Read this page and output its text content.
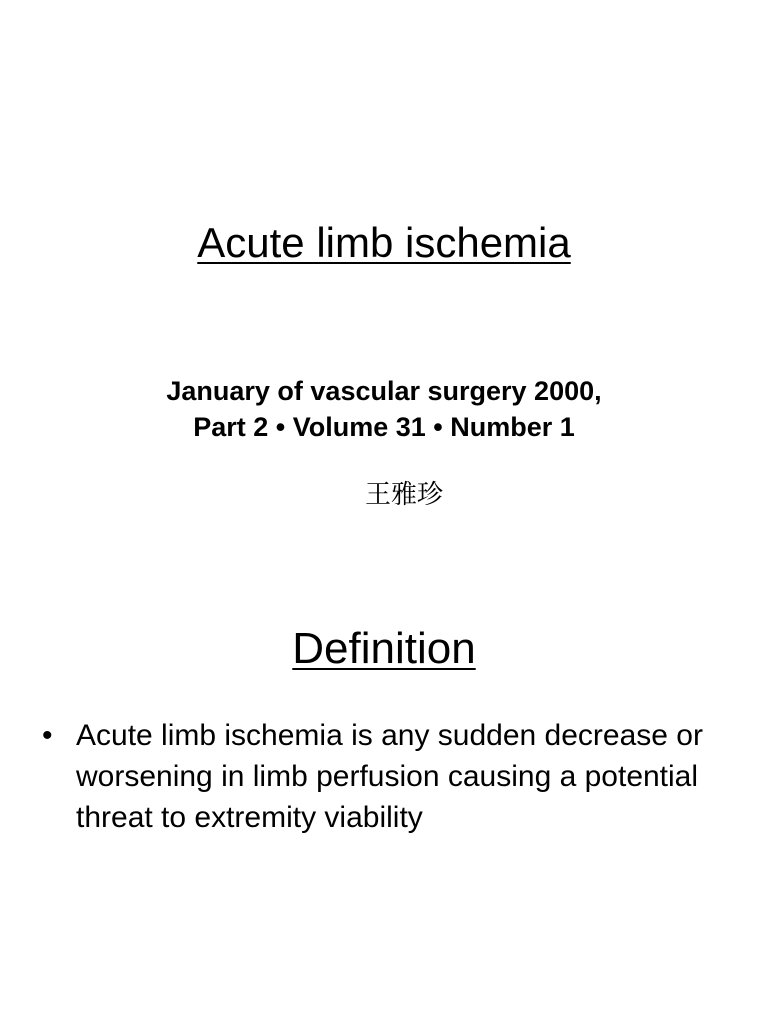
Acute limb ischemia
January of vascular surgery 2000,
Part 2 • Volume 31 • Number 1
王雅珍
Definition
• Acute limb ischemia is any sudden decrease or worsening in limb perfusion causing a potential threat to extremity viability
